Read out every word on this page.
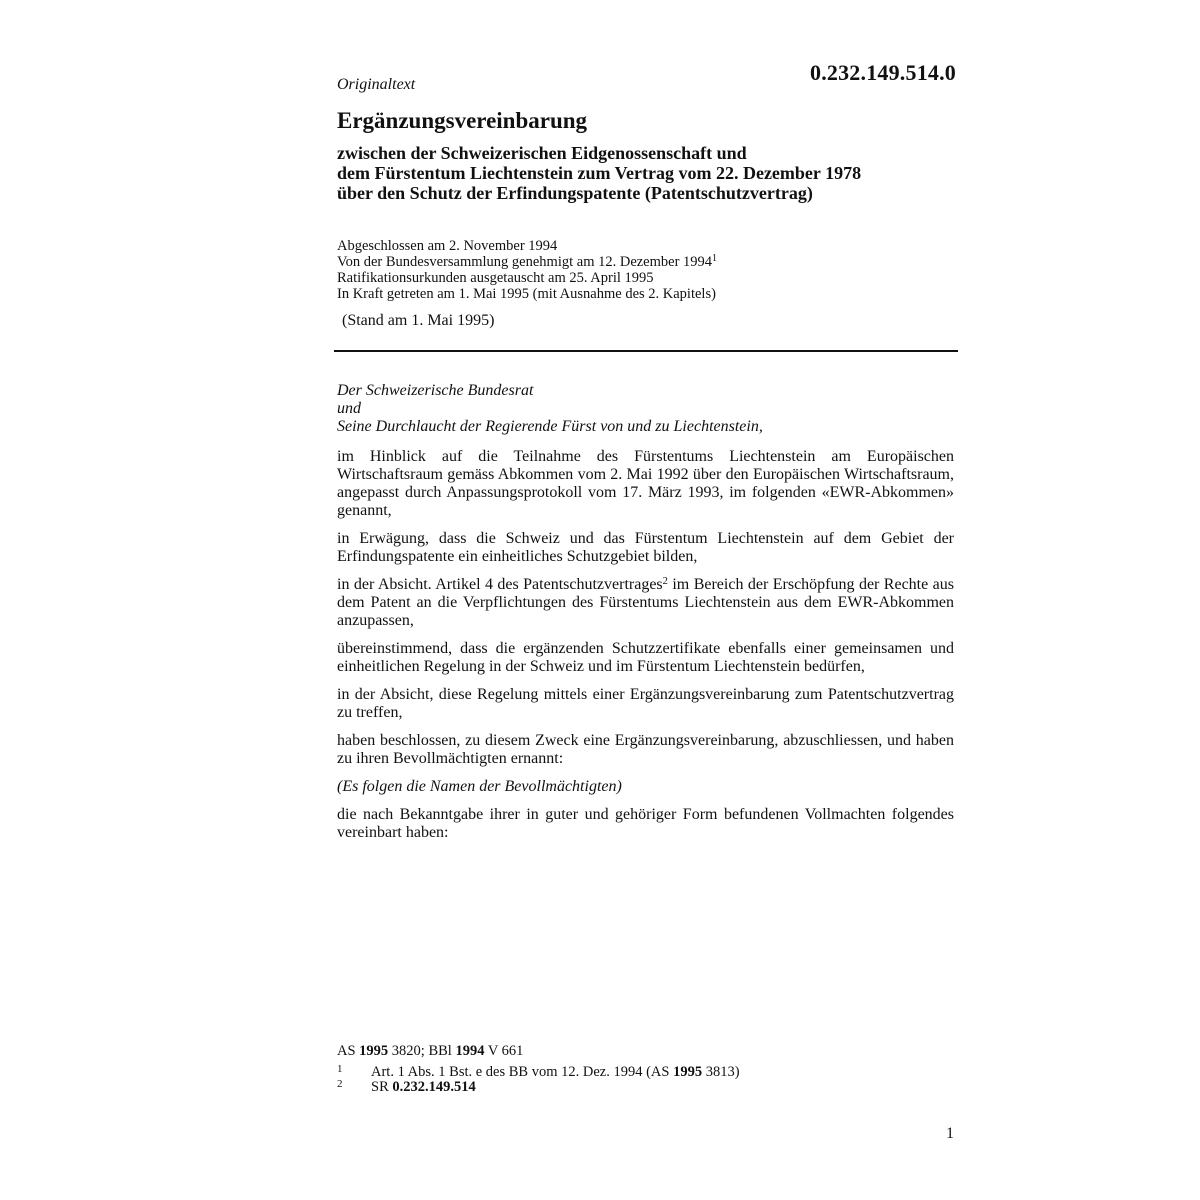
0.232.149.514.0
Originaltext
Ergänzungsvereinbarung
zwischen der Schweizerischen Eidgenossenschaft und
dem Fürstentum Liechtenstein zum Vertrag vom 22. Dezember 1978
über den Schutz der Erfindungspatente (Patentschutzvertrag)
Abgeschlossen am 2. November 1994
Von der Bundesversammlung genehmigt am 12. Dezember 1994$^1$
Ratifikationsurkunden ausgetauscht am 25. April 1995
In Kraft getreten am 1. Mai 1995 (mit Ausnahme des 2. Kapitels)
(Stand am 1. Mai 1995)
Der Schweizerische Bundesrat
und
Seine Durchlaucht der Regierende Fürst von und zu Liechtenstein,

im Hinblick auf die Teilnahme des Fürstentums Liechtenstein am Europäischen Wirtschaftsraum gemäss Abkommen vom 2. Mai 1992 über den Europäischen Wirtschaftsraum, angepasst durch Anpassungsprotokoll vom 17. März 1993, im folgenden «EWR-Abkommen» genannt,

in Erwägung, dass die Schweiz und das Fürstentum Liechtenstein auf dem Gebiet der Erfindungspatente ein einheitliches Schutzgebiet bilden,

in der Absicht. Artikel 4 des Patentschutzvertrages$^2$ im Bereich der Erschöpfung der Rechte aus dem Patent an die Verpflichtungen des Fürstentums Liechtenstein aus dem EWR-Abkommen anzupassen,

übereinstimmend, dass die ergänzenden Schutzzertifikate ebenfalls einer gemeinsamen und einheitlichen Regelung in der Schweiz und im Fürstentum Liechtenstein bedürfen,

in der Absicht, diese Regelung mittels einer Ergänzungsvereinbarung zum Patentschutzvertrag zu treffen,

haben beschlossen, zu diesem Zweck eine Ergänzungsvereinbarung, abzuschliessen, und haben zu ihren Bevollmächtigten ernannt:

(Es folgen die Namen der Bevollmächtigten)

die nach Bekanntgabe ihrer in guter und gehöriger Form befundenen Vollmachten folgendes vereinbart haben:

AS 1995 3820; BBl 1994 V 661
1 Art. 1 Abs. 1 Bst. e des BB vom 12. Dez. 1994 (AS 1995 3813)
2 SR 0.232.149.514
1
